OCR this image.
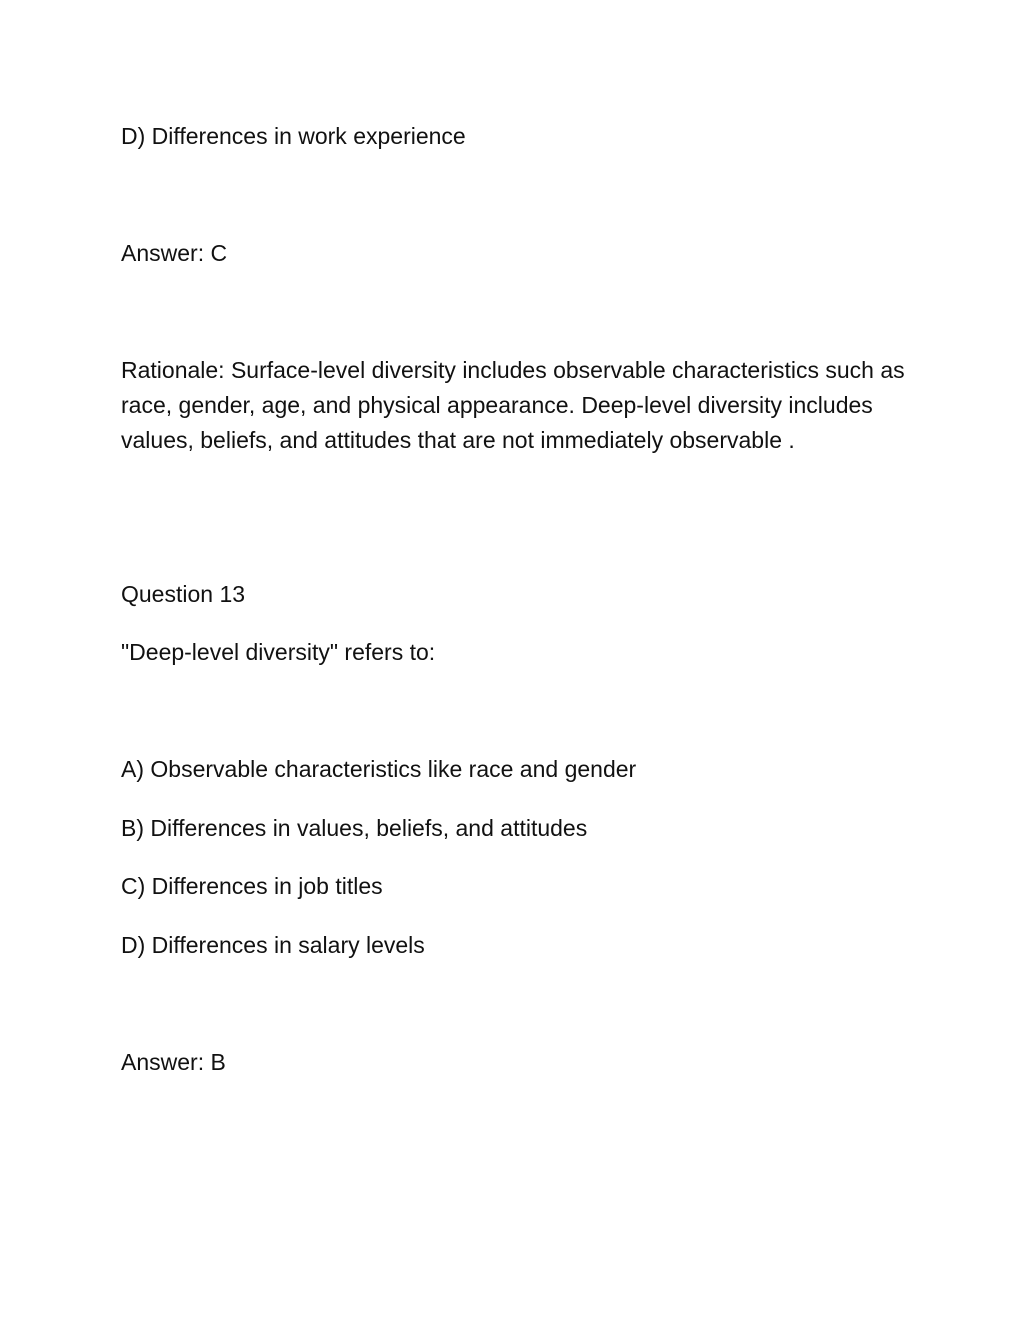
D) Differences in work experience
Answer: C
Rationale: Surface-level diversity includes observable characteristics such as race, gender, age, and physical appearance. Deep-level diversity includes values, beliefs, and attitudes that are not immediately observable .
Question 13
"Deep-level diversity" refers to:
A) Observable characteristics like race and gender
B) Differences in values, beliefs, and attitudes
C) Differences in job titles
D) Differences in salary levels
Answer: B
